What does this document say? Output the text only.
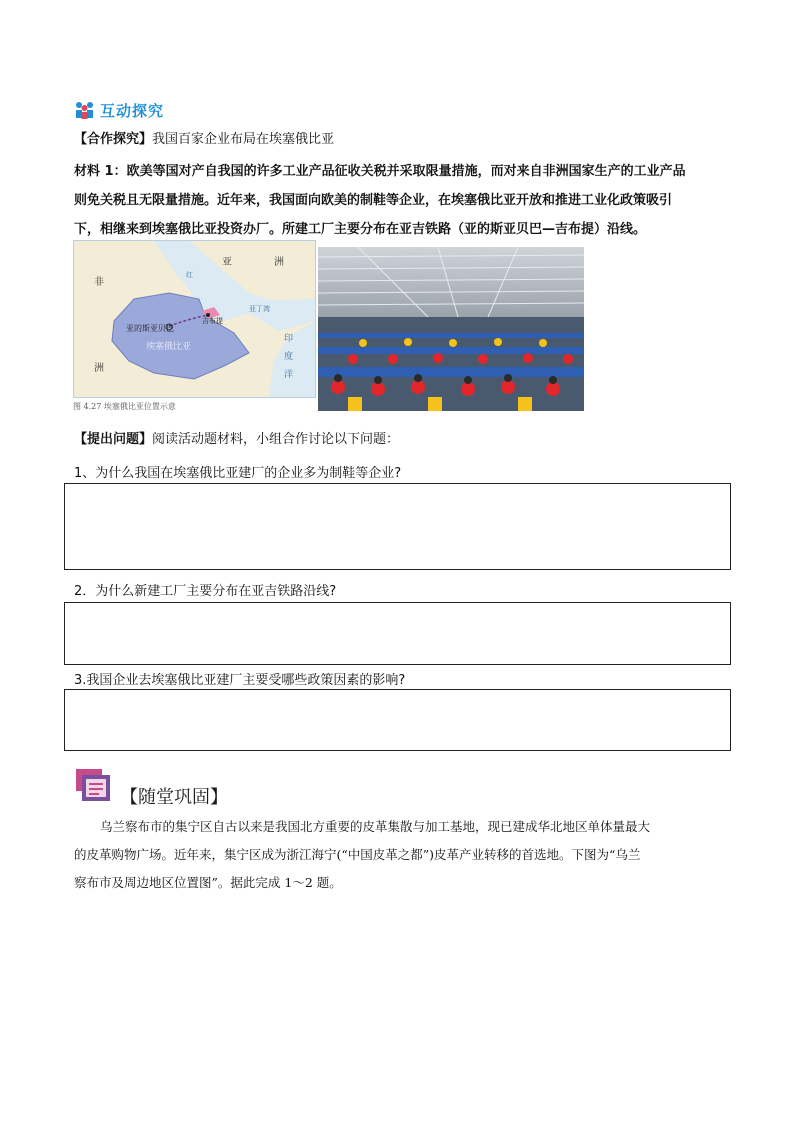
互动探究
【合作探究】我国百家企业布局在埃塞俄比亚

材料 1：欧美等国对产自我国的许多工业产品征收关税并采取限量措施，而对来自非洲国家生产的工业产品

则免关税且无限量措施。近年来，我国面向欧美的制鞋等企业，在埃塞俄比亚开放和推进工业化政策吸引

下，相继来到埃塞俄比亚投资办厂。所建工厂主要分布在亚吉铁路（亚的斯亚贝巴—吉布提）沿线。

亚	洲
非
洲
红
亚丁湾
印
度
洋
亚的斯亚贝巴
吉布提
埃塞俄比亚
图 4.27 埃塞俄比亚位置示意
【提出问题】阅读活动题材料，小组合作讨论以下问题：
1、为什么我国在埃塞俄比亚建厂的企业多为制鞋等企业?
2．为什么新建工厂主要分布在亚吉铁路沿线?
3.我国企业去埃塞俄比亚建厂主要受哪些政策因素的影响?
【随堂巩固】

乌兰察布市的集宁区自古以来是我国北方重要的皮革集散与加工基地，现已建成华北地区单体量最大

的皮革购物广场。近年来，集宁区成为浙江海宁(“中国皮革之都”)皮革产业转移的首选地。下图为“乌兰

察布市及周边地区位置图”。据此完成 1～2 题。
